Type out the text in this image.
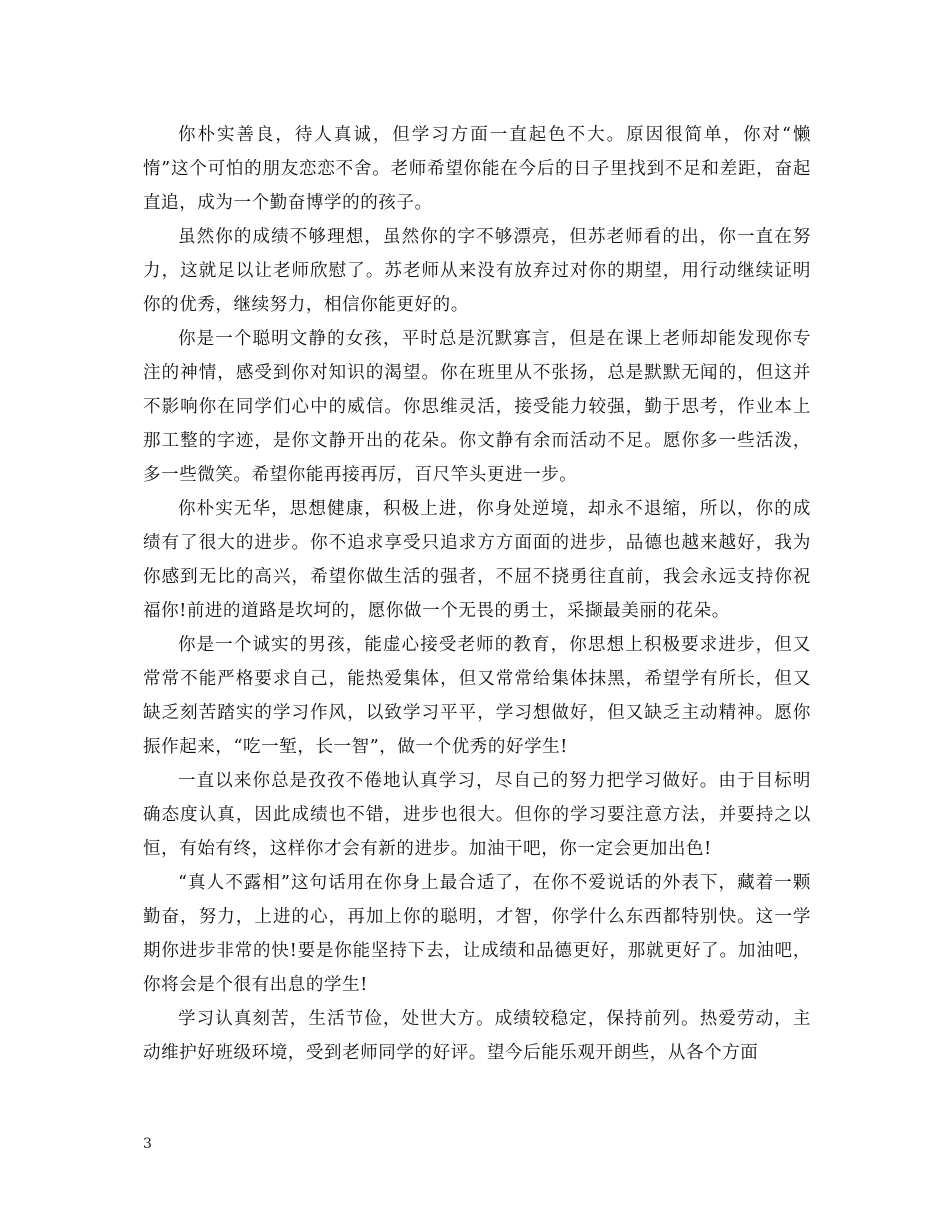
你朴实善良，待人真诚，但学习方面一直起色不大。原因很简单，你对“懒惰”这个可怕的朋友恋恋不舍。老师希望你能在今后的日子里找到不足和差距，奋起直追，成为一个勤奋博学的的孩子。

虽然你的成绩不够理想，虽然你的字不够漂亮，但苏老师看的出，你一直在努力，这就足以让老师欣慰了。苏老师从来没有放弃过对你的期望，用行动继续证明你的优秀，继续努力，相信你能更好的。

你是一个聪明文静的女孩，平时总是沉默寡言，但是在课上老师却能发现你专注的神情，感受到你对知识的渴望。你在班里从不张扬，总是默默无闻的，但这并不影响你在同学们心中的威信。你思维灵活，接受能力较强，勤于思考，作业本上那工整的字迹，是你文静开出的花朵。你文静有余而活动不足。愿你多一些活泼，多一些微笑。希望你能再接再厉，百尺竿头更进一步。

你朴实无华，思想健康，积极上进，你身处逆境，却永不退缩，所以，你的成绩有了很大的进步。你不追求享受只追求方方面面的进步，品德也越来越好，我为你感到无比的高兴，希望你做生活的强者，不屈不挠勇往直前，我会永远支持你祝福你!前进的道路是坎坷的，愿你做一个无畏的勇士，采撷最美丽的花朵。

你是一个诚实的男孩，能虚心接受老师的教育，你思想上积极要求进步，但又常常不能严格要求自己，能热爱集体，但又常常给集体抹黑，希望学有所长，但又缺乏刻苦踏实的学习作风，以致学习平平，学习想做好，但又缺乏主动精神。愿你振作起来，“吃一堑，长一智”，做一个优秀的好学生!

一直以来你总是孜孜不倦地认真学习，尽自己的努力把学习做好。由于目标明确态度认真，因此成绩也不错，进步也很大。但你的学习要注意方法，并要持之以恒，有始有终，这样你才会有新的进步。加油干吧，你一定会更加出色!

“真人不露相”这句话用在你身上最合适了，在你不爱说话的外表下，藏着一颗勤奋，努力，上进的心，再加上你的聪明，才智，你学什么东西都特别快。这一学期你进步非常的快!要是你能坚持下去，让成绩和品德更好，那就更好了。加油吧，你将会是个很有出息的学生!

学习认真刻苦，生活节俭，处世大方。成绩较稳定，保持前列。热爱劳动，主动维护好班级环境，受到老师同学的好评。望今后能乐观开朗些，从各个方面

3
